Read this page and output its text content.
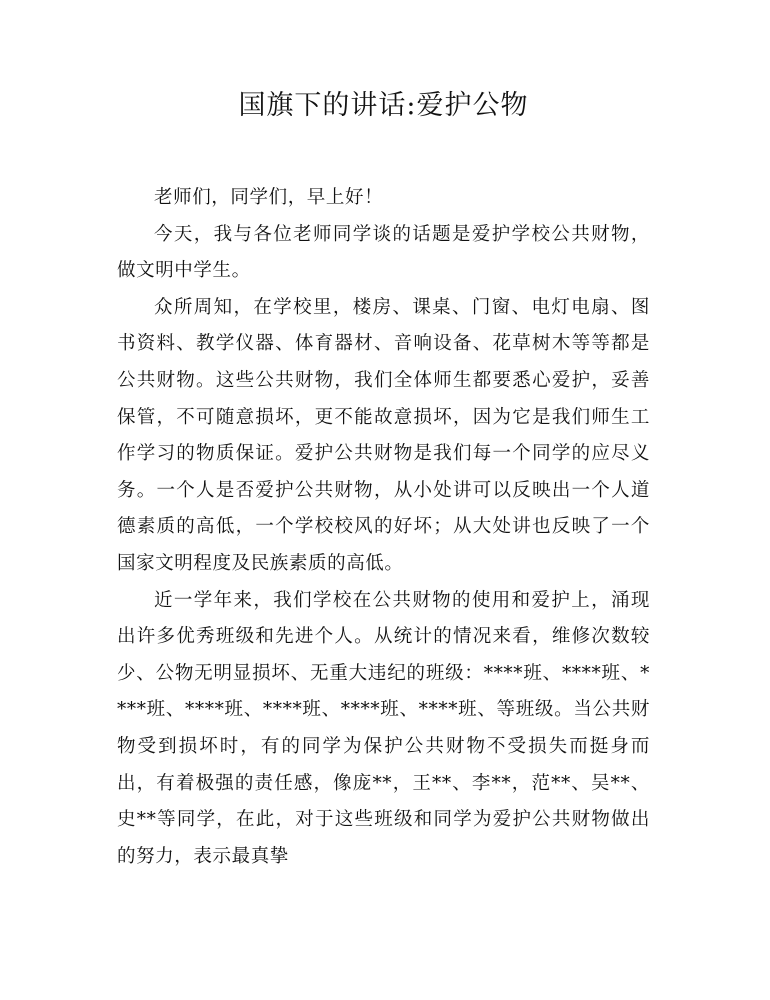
国旗下的讲话:爱护公物

老师们，同学们，早上好！

今天，我与各位老师同学谈的话题是爱护学校公共财物，做文明中学生。

众所周知，在学校里，楼房、课桌、门窗、电灯电扇、图书资料、教学仪器、体育器材、音响设备、花草树木等等都是公共财物。这些公共财物，我们全体师生都要悉心爱护，妥善保管，不可随意损坏，更不能故意损坏，因为它是我们师生工作学习的物质保证。爱护公共财物是我们每一个同学的应尽义务。一个人是否爱护公共财物，从小处讲可以反映出一个人道德素质的高低，一个学校校风的好坏；从大处讲也反映了一个国家文明程度及民族素质的高低。

近一学年来，我们学校在公共财物的使用和爱护上，涌现出许多优秀班级和先进个人。从统计的情况来看，维修次数较少、公物无明显损坏、无重大违纪的班级：****班、****班、****班、****班、****班、****班、****班、等班级。当公共财物受到损坏时，有的同学为保护公共财物不受损失而挺身而出，有着极强的责任感，像庞**，王**、李**，范**、吴**、史**等同学，在此，对于这些班级和同学为爱护公共财物做出的努力，表示最真挚
